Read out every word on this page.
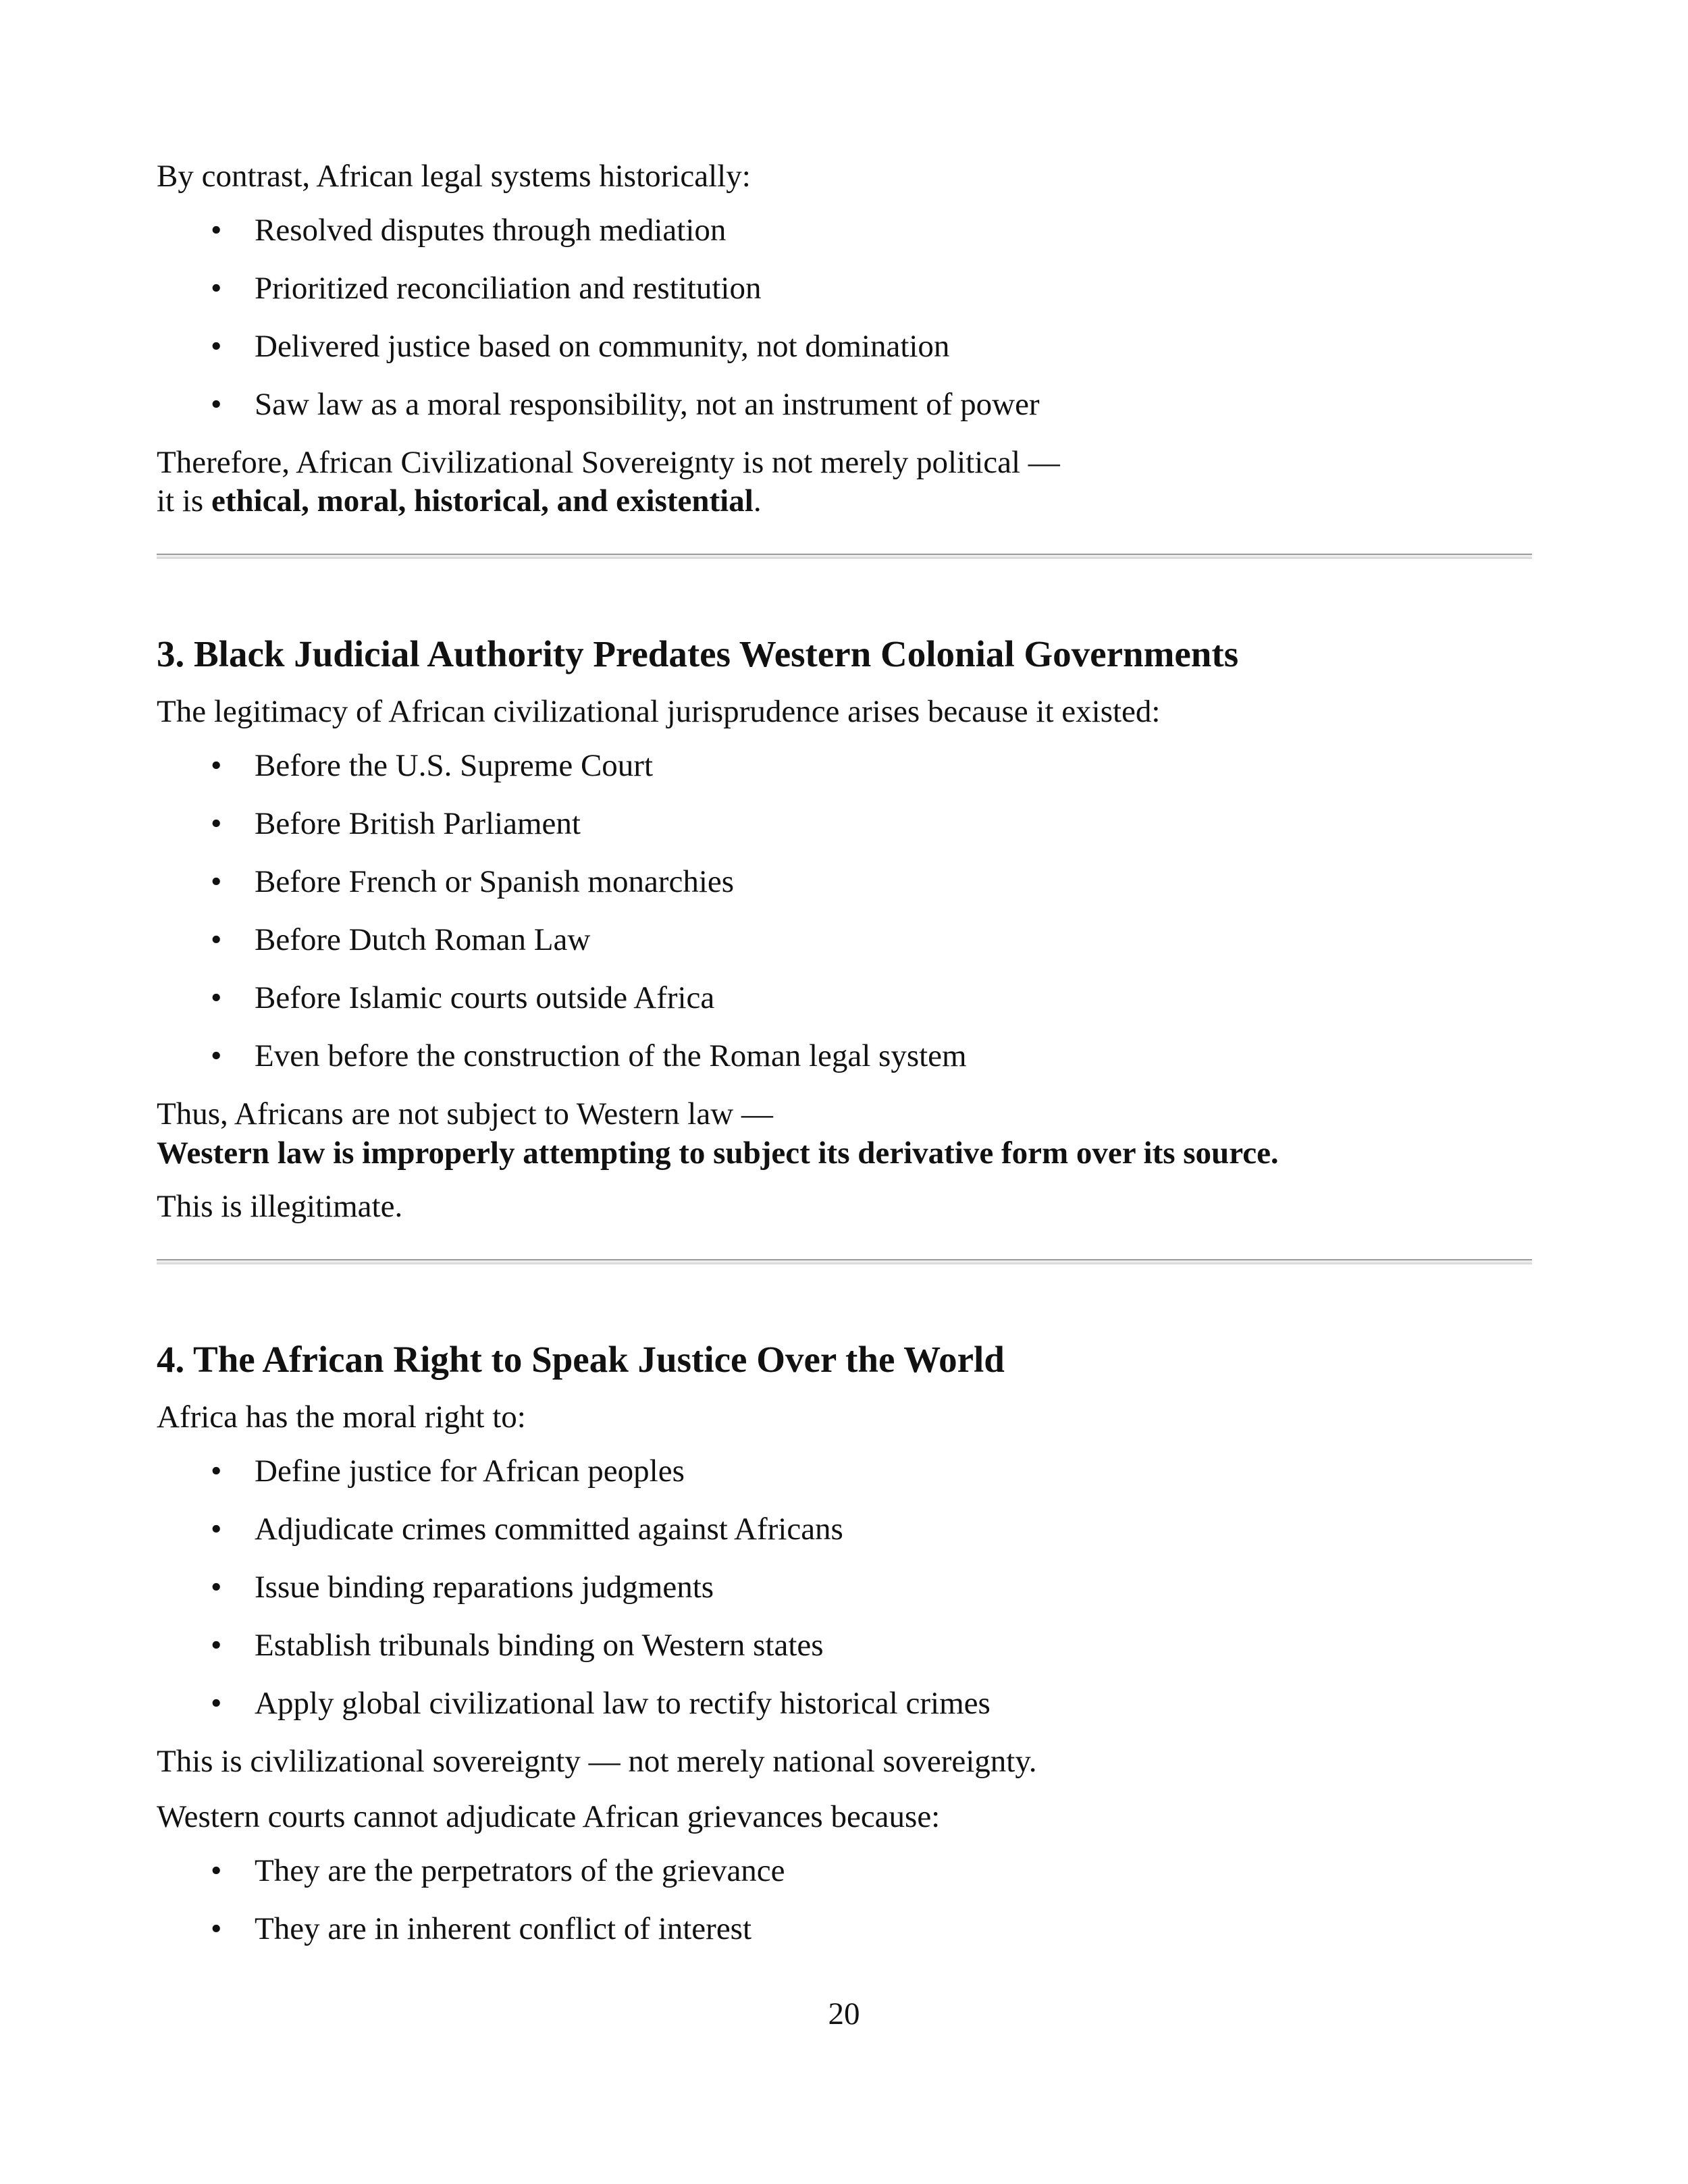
By contrast, African legal systems historically:
• Resolved disputes through mediation
• Prioritized reconciliation and restitution
• Delivered justice based on community, not domination
• Saw law as a moral responsibility, not an instrument of power
Therefore, African Civilizational Sovereignty is not merely political —
it is ethical, moral, historical, and existential.
3. Black Judicial Authority Predates Western Colonial Governments
The legitimacy of African civilizational jurisprudence arises because it existed:
• Before the U.S. Supreme Court
• Before British Parliament
• Before French or Spanish monarchies
• Before Dutch Roman Law
• Before Islamic courts outside Africa
• Even before the construction of the Roman legal system
Thus, Africans are not subject to Western law —
Western law is improperly attempting to subject its derivative form over its source.
This is illegitimate.
4. The African Right to Speak Justice Over the World
Africa has the moral right to:
• Define justice for African peoples
• Adjudicate crimes committed against Africans
• Issue binding reparations judgments
• Establish tribunals binding on Western states
• Apply global civilizational law to rectify historical crimes
This is civlilizational sovereignty — not merely national sovereignty.
Western courts cannot adjudicate African grievances because:
• They are the perpetrators of the grievance
• They are in inherent conflict of interest
20
